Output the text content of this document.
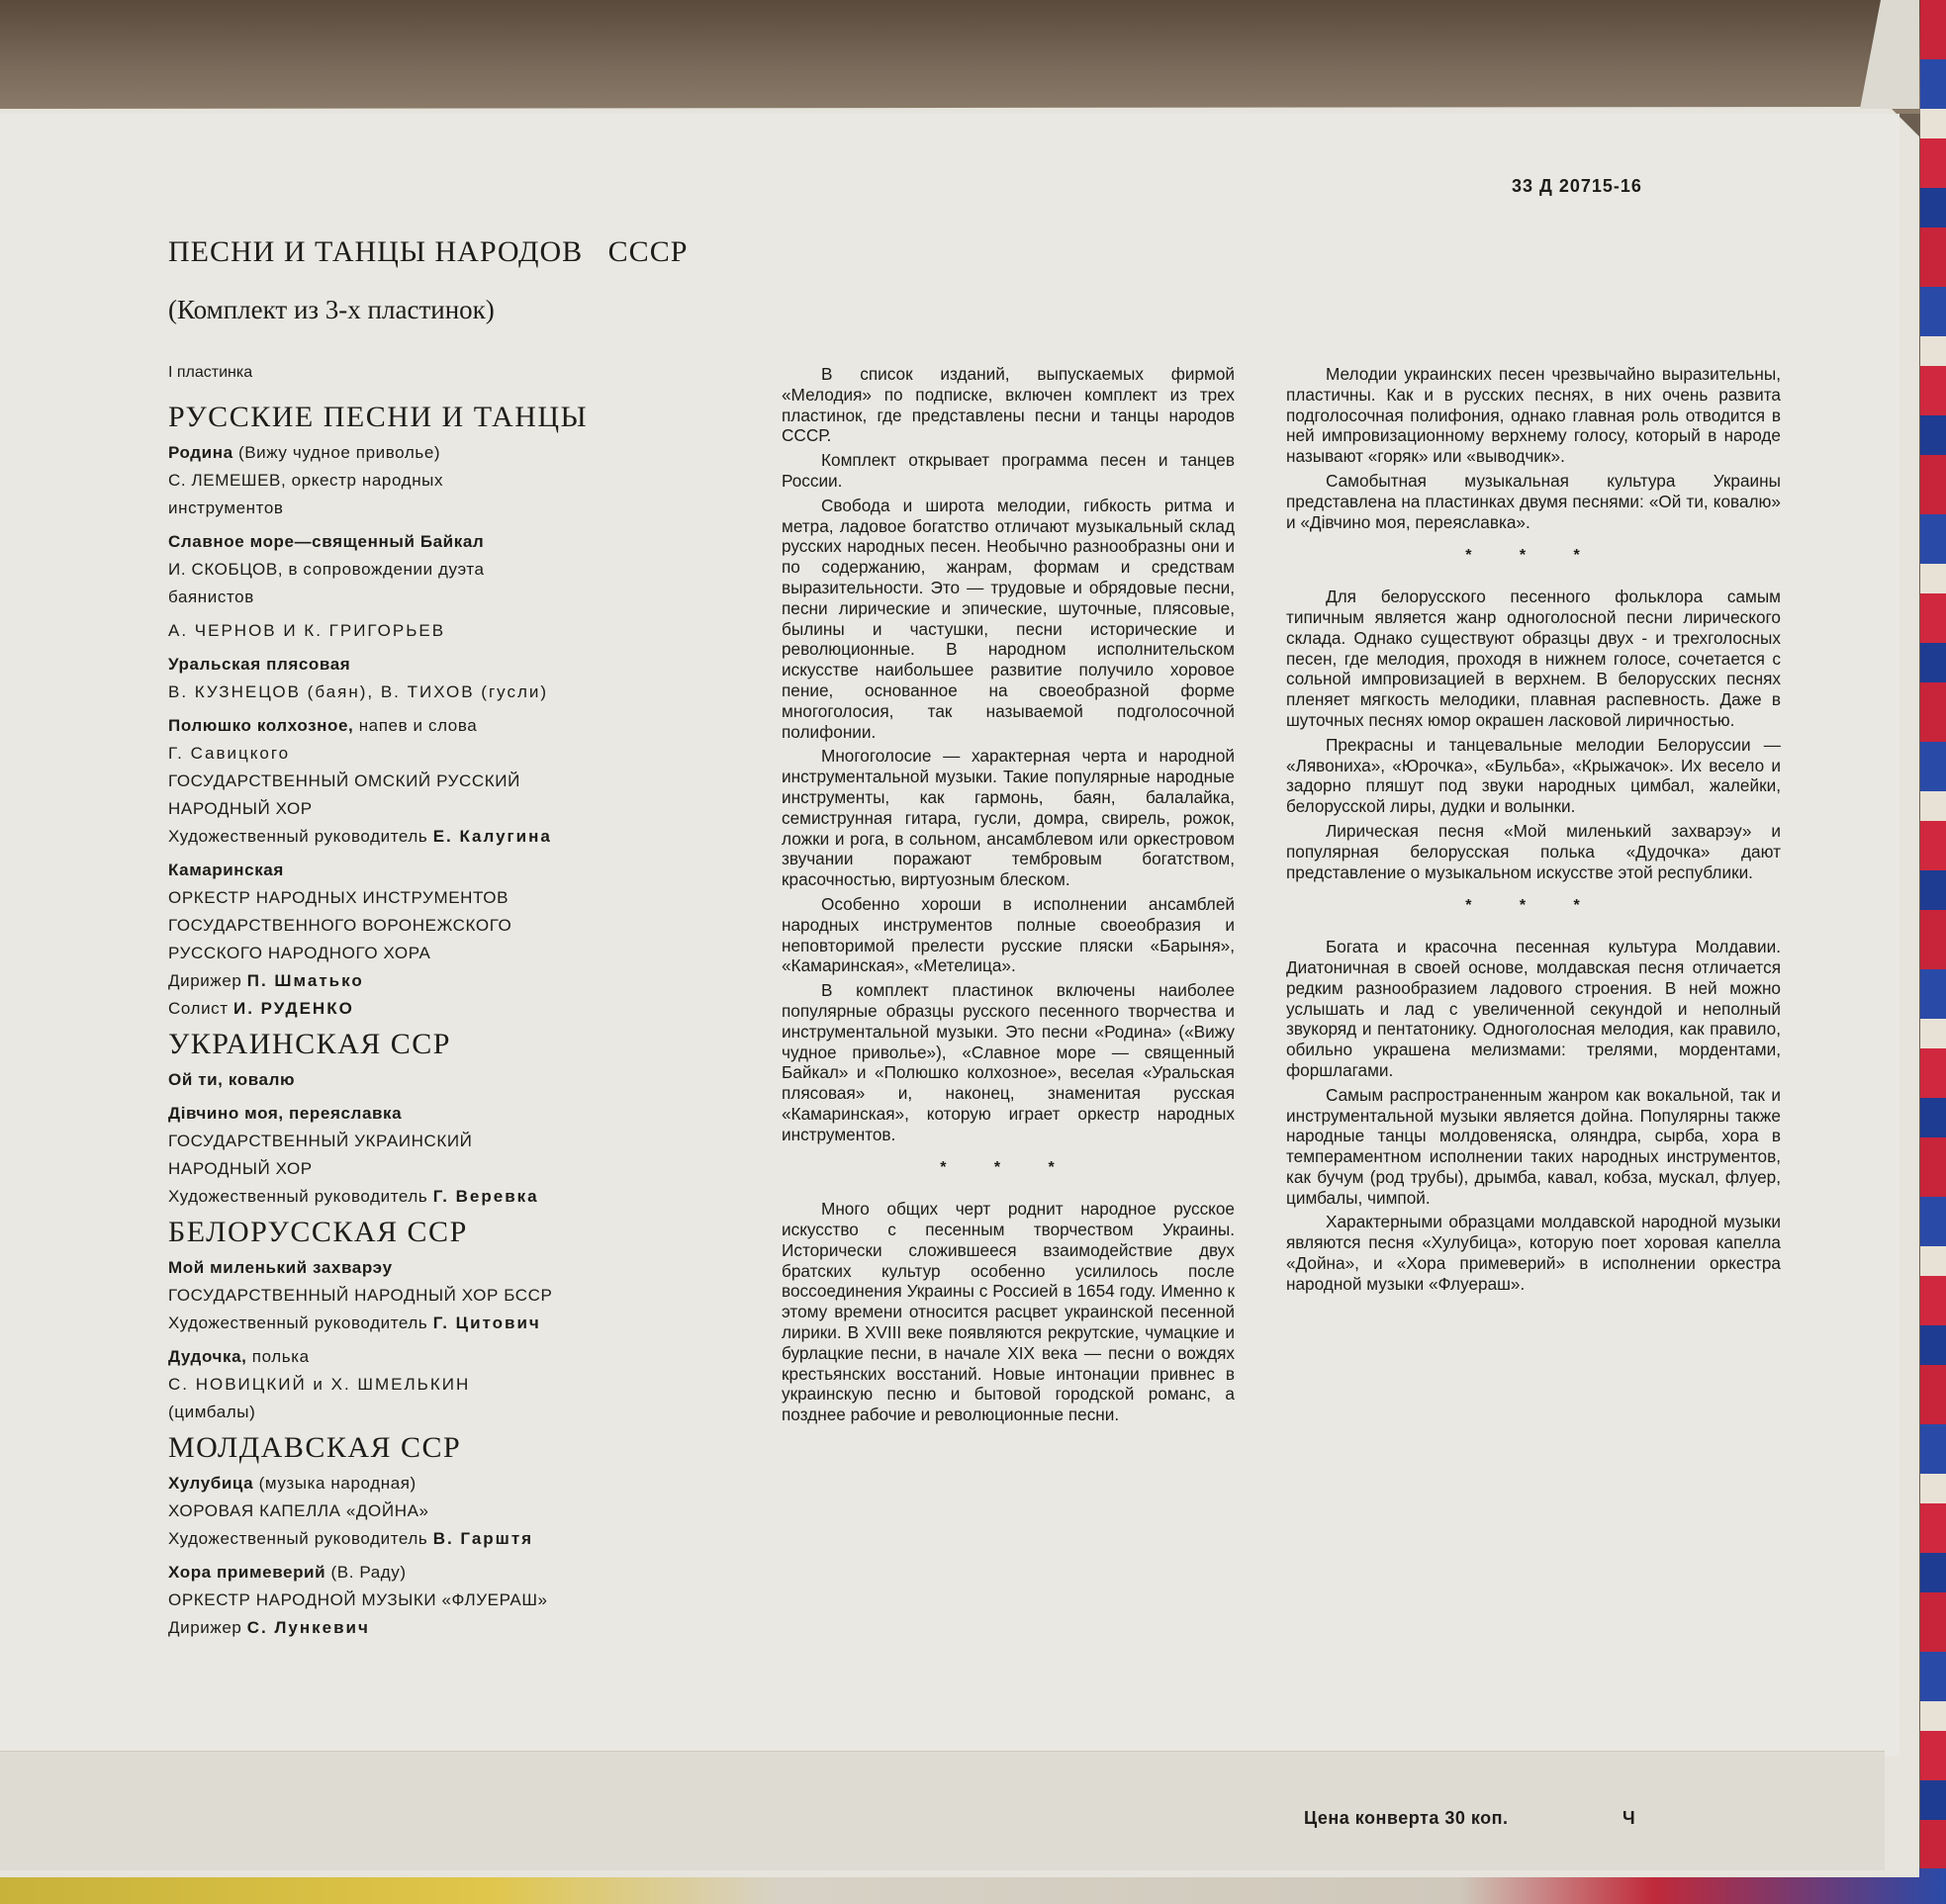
33 Д 20715-16
ПЕСНИ И ТАНЦЫ НАРОДОВ   СССР
(Комплект из 3-х пластинок)
I пластинка
РУССКИЕ ПЕСНИ И ТАНЦЫ
Родина (Вижу чудное приволье)
С. ЛЕМЕШЕВ, оркестр народных
инструментов
Славное море—священный Байкал
И. СКОБЦОВ, в сопровождении дуэта
баянистов
А. ЧЕРНОВ И К. ГРИГОРЬЕВ
Уральская плясовая
В. КУЗНЕЦОВ (баян), В. ТИХОВ (гусли)
Полюшко колхозное, напев и слова
Г. Савицкого
ГОСУДАРСТВЕННЫЙ ОМСКИЙ РУССКИЙ
НАРОДНЫЙ ХОР
Художественный руководитель Е. Калугина
Камаринская
ОРКЕСТР НАРОДНЫХ ИНСТРУМЕНТОВ
ГОСУДАРСТВЕННОГО ВОРОНЕЖСКОГО
РУССКОГО НАРОДНОГО ХОРА
Дирижер П. Шматько
Солист И. РУДЕНКО
УКРАИНСКАЯ ССР
Ой ти, ковалю
Дівчино моя, переяславка
ГОСУДАРСТВЕННЫЙ УКРАИНСКИЙ
НАРОДНЫЙ ХОР
Художественный руководитель Г. Веревка
БЕЛОРУССКАЯ ССР
Мой миленький захварэу
ГОСУДАРСТВЕННЫЙ НАРОДНЫЙ ХОР БССР
Художественный руководитель Г. Цитович
Дудочка, полька
С. НОВИЦКИЙ и Х. ШМЕЛЬКИН
(цимбалы)
МОЛДАВСКАЯ ССР
Хулубица (музыка народная)
ХОРОВАЯ КАПЕЛЛА «ДОЙНА»
Художественный руководитель В. Гарштя
Хора примеверий (В. Раду)
ОРКЕСТР НАРОДНОЙ МУЗЫКИ «ФЛУЕРАШ»
Дирижер С. Лункевич

В список изданий, выпускаемых фирмой «Мелодия» по подписке, включен комплект из трех пластинок, где представлены песни и танцы народов СССР.

Комплект открывает программа песен и танцев России.

Свобода и широта мелодии, гибкость ритма и метра, ладовое богатство отличают музыкальный склад русских народных песен. Необычно разнообразны они и по содержанию, жанрам, формам и средствам выразительности. Это — трудовые и обрядовые песни, песни лирические и эпические, шуточные, плясовые, былины и частушки, песни исторические и революционные. В народном исполнительском искусстве наибольшее развитие получило хоровое пение, основанное на своеобразной форме многоголосия, так называемой подголосочной полифонии.

Многоголосие — характерная черта и народной инструментальной музыки. Такие популярные народные инструменты, как гармонь, баян, балалайка, семиструнная гитара, гусли, домра, свирель, рожок, ложки и рога, в сольном, ансамблевом или оркестровом звучании поражают тембровым богатством, красочностью, виртуозным блеском.

Особенно хороши в исполнении ансамблей народных инструментов полные своеобразия и неповторимой прелести русские пляски «Барыня», «Камаринская», «Метелица».

В комплект пластинок включены наиболее популярные образцы русского песенного творчества и инструментальной музыки. Это песни «Родина» («Вижу чудное приволье»), «Славное море — священный Байкал» и «Полюшко колхозное», веселая «Уральская плясовая» и, наконец, знаменитая русская «Камаринская», которую играет оркестр народных инструментов.

* * *

Много общих черт роднит народное русское искусство с песенным творчеством Украины. Исторически сложившееся взаимодействие двух братских культур особенно усилилось после воссоединения Украины с Россией в 1654 году. Именно к этому времени относится расцвет украинской песенной лирики. В XVIII веке появляются рекрутские, чумацкие и бурлацкие песни, в начале XIX века — песни о вождях крестьянских восстаний. Новые интонации привнес в украинскую песню и бытовой городской романс, а позднее рабочие и революционные песни.

Мелодии украинских песен чрезвычайно выразительны, пластичны. Как и в русских песнях, в них очень развита подголосочная полифония, однако главная роль отводится в ней импровизационному верхнему голосу, который в народе называют «горяк» или «выводчик».

Самобытная музыкальная культура Украины представлена на пластинках двумя песнями: «Ой ти, ковалю» и «Дівчино моя, переяславка».

* * *

Для белорусского песенного фольклора самым типичным является жанр одноголосной песни лирического склада. Однако существуют образцы двух - и трехголосных песен, где мелодия, проходя в нижнем голосе, сочетается с сольной импровизацией в верхнем. В белорусских песнях пленяет мягкость мелодики, плавная распевность. Даже в шуточных песнях юмор окрашен ласковой лиричностью.

Прекрасны и танцевальные мелодии Белоруссии — «Лявониха», «Юрочка», «Бульба», «Крыжачок». Их весело и задорно пляшут под звуки народных цимбал, жалейки, белорусской лиры, дудки и волынки.

Лирическая песня «Мой миленький захварэу» и популярная белорусская полька «Дудочка» дают представление о музыкальном искусстве этой республики.

* * *

Богата и красочна песенная культура Молдавии. Диатоничная в своей основе, молдавская песня отличается редким разнообразием ладового строения. В ней можно услышать и лад с увеличенной секундой и неполный звукоряд и пентатонику. Одноголосная мелодия, как правило, обильно украшена мелизмами: трелями, мордентами, форшлагами.

Самым распространенным жанром как вокальной, так и инструментальной музыки является дойна. Популярны также народные танцы молдовеняска, оляндра, сырба, хора в темпераментном исполнении таких народных инструментов, как бучум (род трубы), дрымба, кавал, кобза, мускал, флуер, цимбалы, чимпой.

Характерными образцами молдавской народной музыки являются песня «Хулубица», которую поет хоровая капелла «Дойна», и «Хора примеверий» в исполнении оркестра народной музыки «Флуераш».

Цена конверта 30 коп.	Ч
